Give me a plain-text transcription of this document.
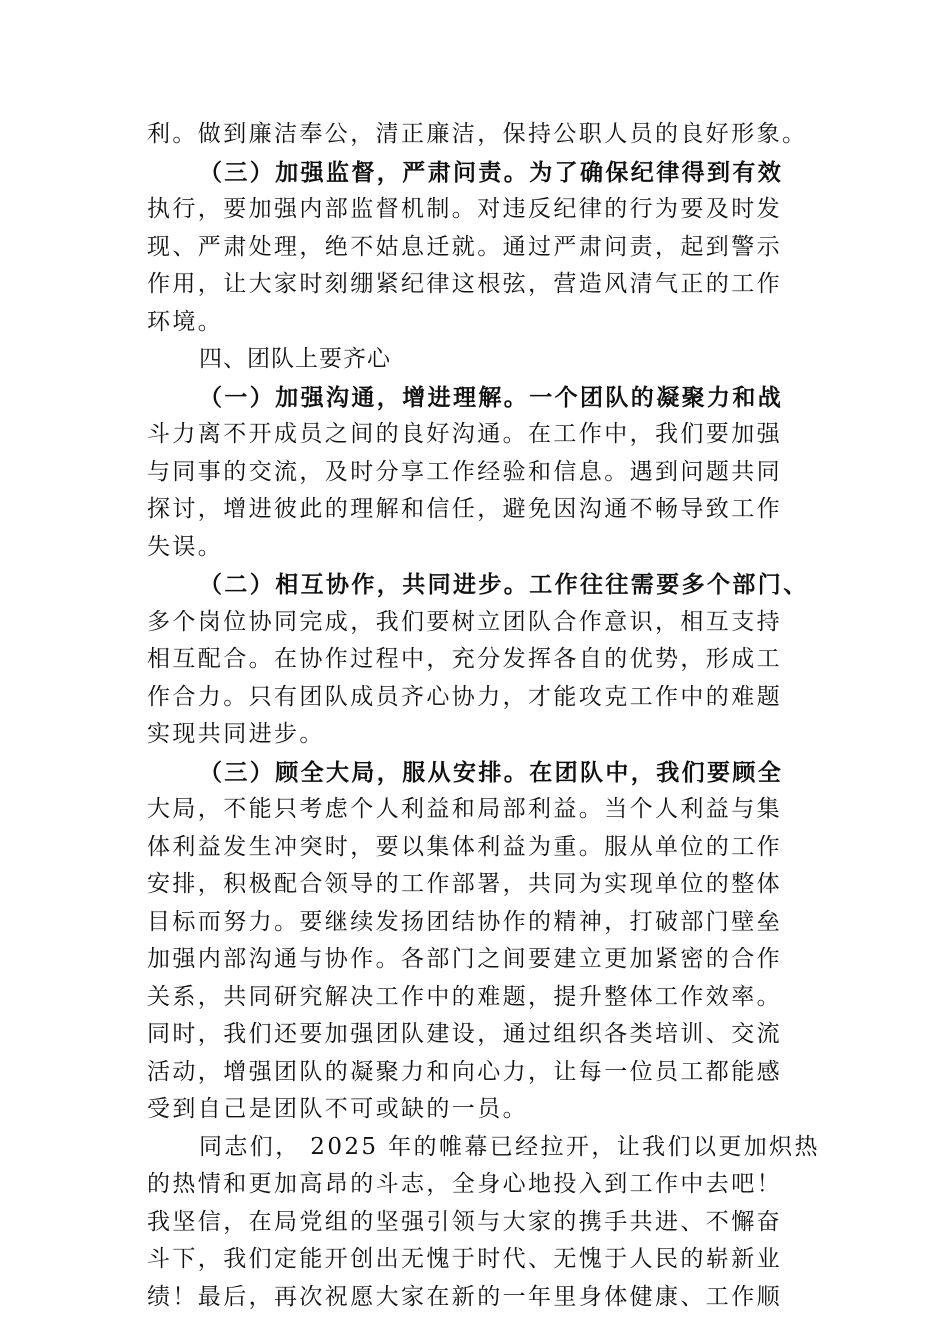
利。做到廉洁奉公，清正廉洁，保持公职人员的良好形象。
（三）加强监督，严肃问责。为了确保纪律得到有效
执行，要加强内部监督机制。对违反纪律的行为要及时发
现、严肃处理，绝不姑息迁就。通过严肃问责，起到警示
作用，让大家时刻绷紧纪律这根弦，营造风清气正的工作
环境。
四、团队上要齐心
（一）加强沟通，增进理解。一个团队的凝聚力和战
斗力离不开成员之间的良好沟通。在工作中，我们要加强
与同事的交流，及时分享工作经验和信息。遇到问题共同
探讨，增进彼此的理解和信任，避免因沟通不畅导致工作
失误。
（二）相互协作，共同进步。工作往往需要多个部门、
多个岗位协同完成，我们要树立团队合作意识，相互支持
相互配合。在协作过程中，充分发挥各自的优势，形成工
作合力。只有团队成员齐心协力，才能攻克工作中的难题
实现共同进步。
（三）顾全大局，服从安排。在团队中，我们要顾全
大局，不能只考虑个人利益和局部利益。当个人利益与集
体利益发生冲突时，要以集体利益为重。服从单位的工作
安排，积极配合领导的工作部署，共同为实现单位的整体
目标而努力。要继续发扬团结协作的精神，打破部门壁垒
加强内部沟通与协作。各部门之间要建立更加紧密的合作
关系，共同研究解决工作中的难题，提升整体工作效率。
同时，我们还要加强团队建设，通过组织各类培训、交流
活动，增强团队的凝聚力和向心力，让每一位员工都能感
受到自己是团队不可或缺的一员。
同志们， 2025 年的帷幕已经拉开，让我们以更加炽热
的热情和更加高昂的斗志，全身心地投入到工作中去吧！
我坚信，在局党组的坚强引领与大家的携手共进、不懈奋
斗下，我们定能开创出无愧于时代、无愧于人民的崭新业
绩！最后，再次祝愿大家在新的一年里身体健康、工作顺
